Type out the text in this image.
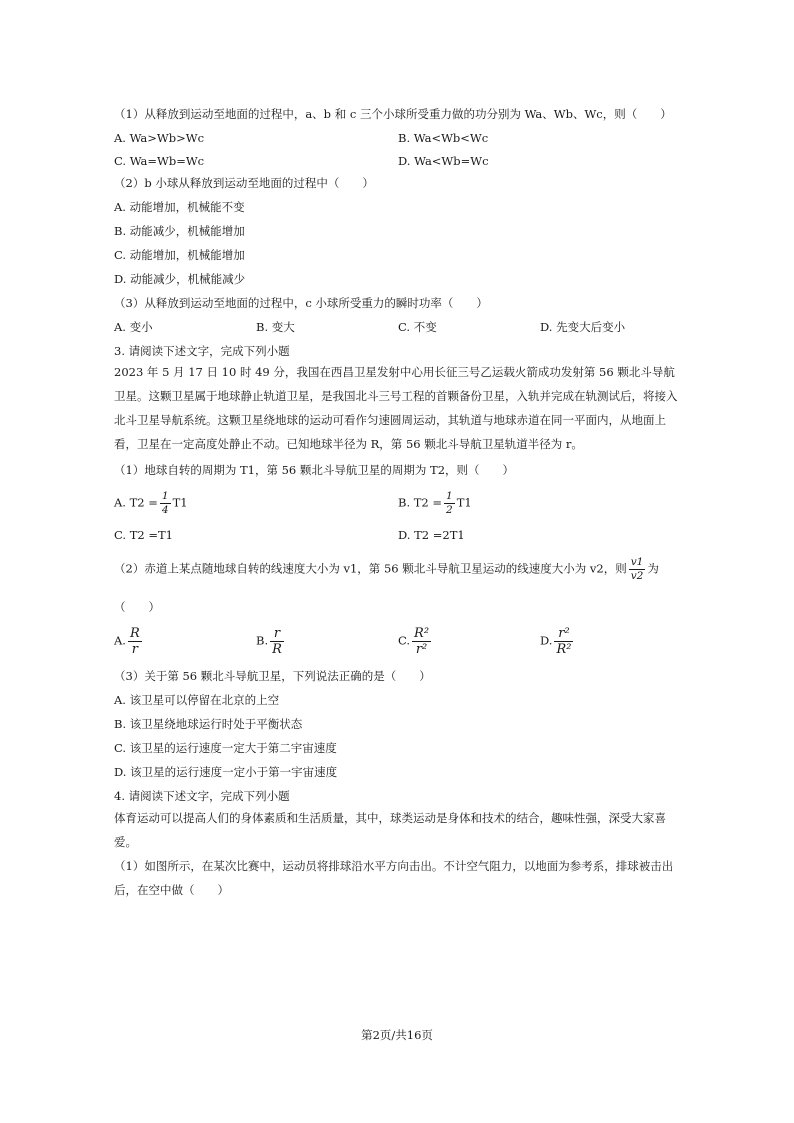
（1）从释放到运动至地面的过程中，a、b 和 c 三个小球所受重力做的功分别为 Wa、Wb、Wc，则（　　）
A. Wa>Wb>Wc	B. Wa<Wb<Wc
C. Wa=Wb=Wc	D. Wa<Wb=Wc
（2）b 小球从释放到运动至地面的过程中（　　）
A. 动能增加，机械能不变
B. 动能减少，机械能增加
C. 动能增加，机械能增加
D. 动能减少，机械能减少
（3）从释放到运动至地面的过程中，c 小球所受重力的瞬时功率（　　）
A. 变小	B. 变大	C. 不变	D. 先变大后变小
3. 请阅读下述文字，完成下列小题
2023 年 5 月 17 日 10 时 49 分，我国在西昌卫星发射中心用长征三号乙运载火箭成功发射第 56 颗北斗导航卫星。这颗卫星属于地球静止轨道卫星，是我国北斗三号工程的首颗备份卫星，入轨并完成在轨测试后，将接入北斗卫星导航系统。这颗卫星绕地球的运动可看作匀速圆周运动，其轨道与地球赤道在同一平面内，从地面上看，卫星在一定高度处静止不动。已知地球半径为 R，第 56 颗北斗导航卫星轨道半径为 r。
（1）地球自转的周期为 T1，第 56 颗北斗导航卫星的周期为 T2，则（　　）
A. $T2 = \frac{1}{4} T1$	B. $T2 = \frac{1}{2} T1$
C. T2 =T1	D. T2 =2T1
（2）赤道上某点随地球自转的线速度大小为 v1，第 56 颗北斗导航卫星运动的线速度大小为 v2，则 $\frac{v1}{v2}$ 为
（　　）
A. $\frac{R}{r}$	B. $\frac{r}{R}$	C. $\frac{\text{R²}}{\text{r²}}$	D. $\frac{\text{r²}}{\text{R²}}$
（3）关于第 56 颗北斗导航卫星，下列说法正确的是（　　）
A. 该卫星可以停留在北京的上空
B. 该卫星绕地球运行时处于平衡状态
C. 该卫星的运行速度一定大于第二宇宙速度
D. 该卫星的运行速度一定小于第一宇宙速度
4. 请阅读下述文字，完成下列小题
体育运动可以提高人们的身体素质和生活质量，其中，球类运动是身体和技术的结合，趣味性强，深受大家喜爱。
（1）如图所示，在某次比赛中，运动员将排球沿水平方向击出。不计空气阻力，以地面为参考系，排球被击出后，在空中做（　　）
第2页/共16页
